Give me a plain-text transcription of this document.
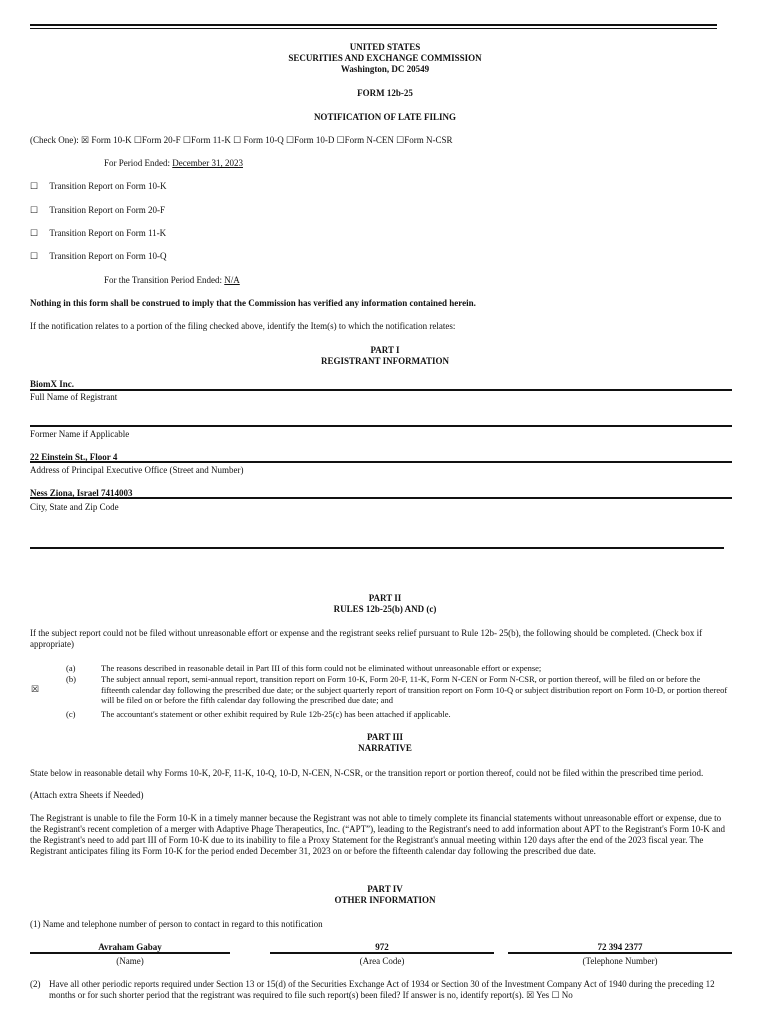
UNITED STATES
SECURITIES AND EXCHANGE COMMISSION
Washington, DC 20549
FORM 12b-25
NOTIFICATION OF LATE FILING
(Check One): ☒ Form 10-K ☐Form 20-F ☐Form 11-K ☐ Form 10-Q ☐Form 10-D ☐Form N-CEN ☐Form N-CSR
For Period Ended: December 31, 2023
☐ Transition Report on Form 10-K
☐ Transition Report on Form 20-F
☐ Transition Report on Form 11-K
☐ Transition Report on Form 10-Q
For the Transition Period Ended: N/A
Nothing in this form shall be construed to imply that the Commission has verified any information contained herein.
If the notification relates to a portion of the filing checked above, identify the Item(s) to which the notification relates:
PART I
REGISTRANT INFORMATION
BiomX Inc.
Full Name of Registrant
Former Name if Applicable
22 Einstein St., Floor 4
Address of Principal Executive Office (Street and Number)
Ness Ziona, Israel 7414003
City, State and Zip Code
PART II
RULES 12b-25(b) AND (c)
If the subject report could not be filed without unreasonable effort or expense and the registrant seeks relief pursuant to Rule 12b- 25(b), the following should be completed. (Check box if appropriate)
☒
(a)	The reasons described in reasonable detail in Part III of this form could not be eliminated without unreasonable effort or expense;
(b)	The subject annual report, semi-annual report, transition report on Form 10-K, Form 20-F, 11-K, Form N-CEN or Form N-CSR, or portion thereof, will be filed on or before the fifteenth calendar day following the prescribed due date; or the subject quarterly report of transition report on Form 10-Q or subject distribution report on Form 10-D, or portion thereof will be filed on or before the fifth calendar day following the prescribed due date; and
(c)	The accountant's statement or other exhibit required by Rule 12b-25(c) has been attached if applicable.
PART III
NARRATIVE
State below in reasonable detail why Forms 10-K, 20-F, 11-K, 10-Q, 10-D, N-CEN, N-CSR, or the transition report or portion thereof, could not be filed within the prescribed time period.
(Attach extra Sheets if Needed)
The Registrant is unable to file the Form 10-K in a timely manner because the Registrant was not able to timely complete its financial statements without unreasonable effort or expense, due to the Registrant's recent completion of a merger with Adaptive Phage Therapeutics, Inc. (“APT”), leading to the Registrant's need to add information about APT to the Registrant's Form 10-K and the Registrant's need to add part III of Form 10-K due to its inability to file a Proxy Statement for the Registrant's annual meeting within 120 days after the end of the 2023 fiscal year. The Registrant anticipates filing its Form 10-K for the period ended December 31, 2023 on or before the fifteenth calendar day following the prescribed due date.
PART IV
OTHER INFORMATION
(1) Name and telephone number of person to contact in regard to this notification
Avraham Gabay
(Name)
972
(Area Code)
72 394 2377
(Telephone Number)
(2) Have all other periodic reports required under Section 13 or 15(d) of the Securities Exchange Act of 1934 or Section 30 of the Investment Company Act of 1940 during the preceding 12 months or for such shorter period that the registrant was required to file such report(s) been filed? If answer is no, identify report(s). ☒ Yes ☐ No
